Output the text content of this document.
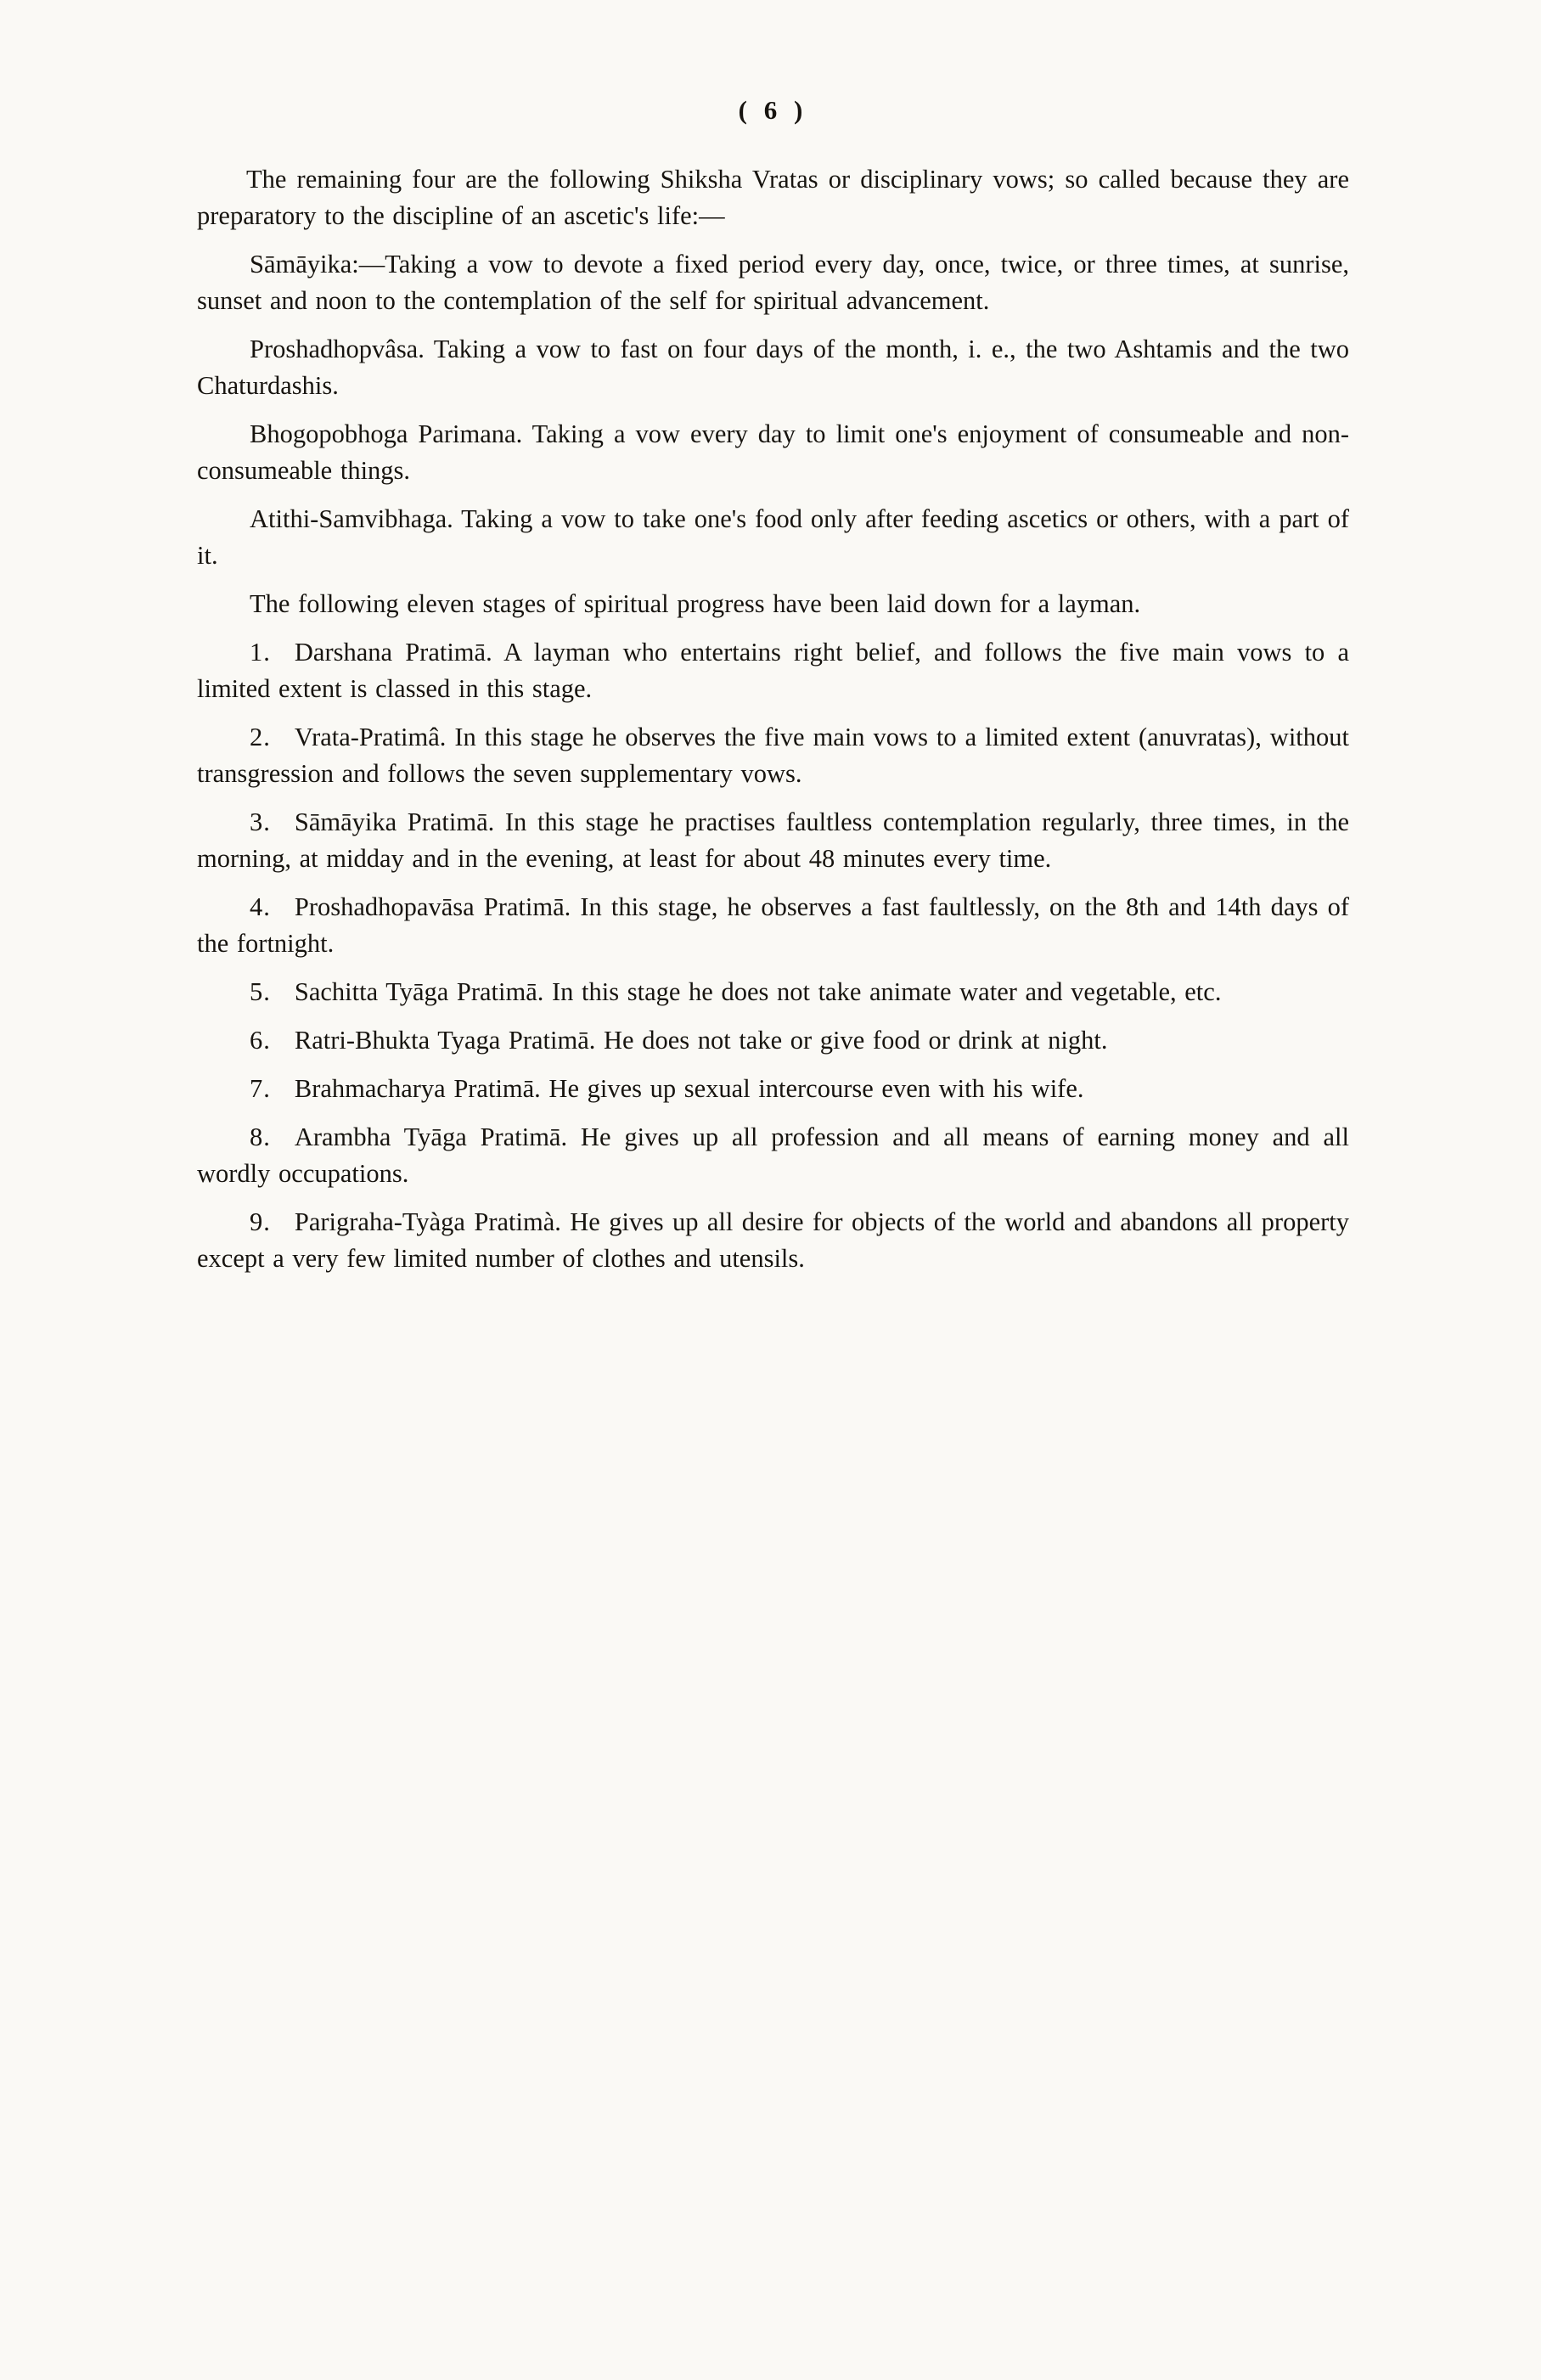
( 6 )

The remaining four are the following Shiksha Vratas or disciplinary vows; so called because they are preparatory to the discipline of an ascetic's life:—

Sāmāyika:—Taking a vow to devote a fixed period every day, once, twice, or three times, at sunrise, sunset and noon to the contemplation of the self for spiritual advancement.

Proshadhopvâsa. Taking a vow to fast on four days of the month, i. e., the two Ashtamis and the two Chaturdashis.

Bhogopobhoga Parimana. Taking a vow every day to limit one's enjoyment of consumeable and non-consumeable things.

Atithi-Samvibhaga. Taking a vow to take one's food only after feeding ascetics or others, with a part of it.

The following eleven stages of spiritual progress have been laid down for a layman.

1. Darshana Pratimā. A layman who entertains right belief, and follows the five main vows to a limited extent is classed in this stage.

2. Vrata-Pratimâ. In this stage he observes the five main vows to a limited extent (anuvratas), without transgression and follows the seven supplementary vows.

3. Sāmāyika Pratimā. In this stage he practises faultless contemplation regularly, three times, in the morning, at midday and in the evening, at least for about 48 minutes every time.

4. Proshadhopavāsa Pratimā. In this stage, he observes a fast faultlessly, on the 8th and 14th days of the fortnight.

5. Sachitta Tyāga Pratimā. In this stage he does not take animate water and vegetable, etc.

6. Ratri-Bhukta Tyaga Pratimā. He does not take or give food or drink at night.

7. Brahmacharya Pratimā. He gives up sexual intercourse even with his wife.

8. Arambha Tyāga Pratimā. He gives up all profession and all means of earning money and all wordly occupations.

9. Parigraha-Tyàga Pratimà. He gives up all desire for objects of the world and abandons all property except a very few limited number of clothes and utensils.
